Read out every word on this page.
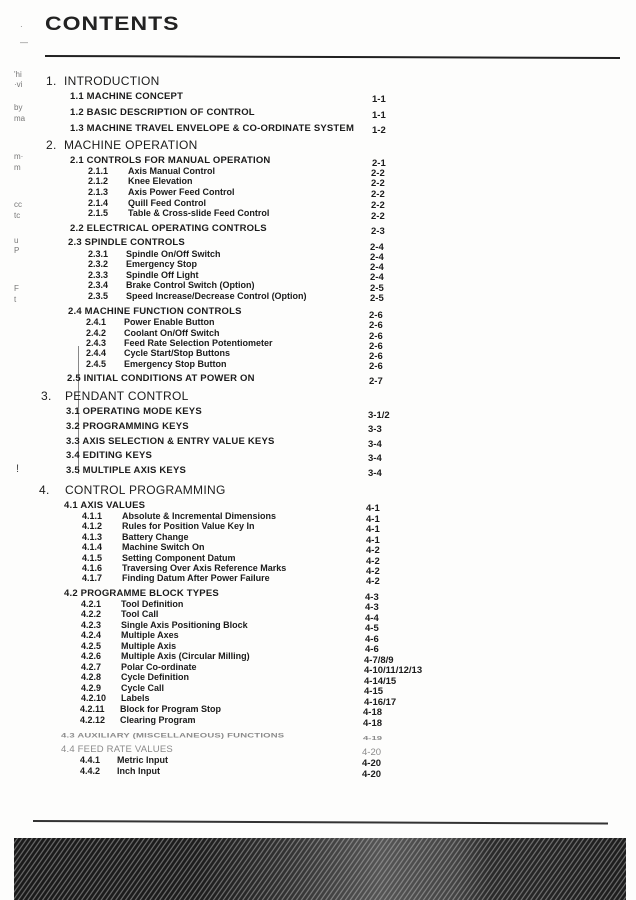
CONTENTS
·
—
'hi
·vi
by
ma
m·
m
cc
tc
u
P
F
t
!
1. INTRODUCTION
1.1 MACHINE CONCEPT	1-1
1.2 BASIC DESCRIPTION OF CONTROL	1-1
1.3 MACHINE TRAVEL ENVELOPE & CO-ORDINATE SYSTEM 1-2
2. MACHINE OPERATION
2.1 CONTROLS FOR MANUAL OPERATION	2-1
2.1.1 Axis Manual Control	2-2
2.1.2 Knee Elevation	2-2
2.1.3 Axis Power Feed Control	2-2
2.1.4 Quill Feed Control	2-2
2.1.5 Table & Cross-slide Feed Control	2-2
2.2 ELECTRICAL OPERATING CONTROLS	2-3
2.3 SPINDLE CONTROLS	2-4
2.3.1 Spindle On/Off Switch	2-4
2.3.2 Emergency Stop	2-4
2.3.3 Spindle Off Light	2-4
2.3.4 Brake Control Switch (Option)	2-5
2.3.5 Speed Increase/Decrease Control (Option)	2-5
2.4 MACHINE FUNCTION CONTROLS	2-6
2.4.1 Power Enable Button	2-6
2.4.2 Coolant On/Off Switch	2-6
2.4.3 Feed Rate Selection Potentiometer	2-6
2.4.4 Cycle Start/Stop Buttons	2-6
2.4.5 Emergency Stop Button	2-6
2.5 INITIAL CONDITIONS AT POWER ON	2-7
3. PENDANT CONTROL
3.1 OPERATING MODE KEYS	3-1/2
3.2 PROGRAMMING KEYS	3-3
3.3 AXIS SELECTION & ENTRY VALUE KEYS	3-4
3.4 EDITING KEYS	3-4
3.5 MULTIPLE AXIS KEYS	3-4
4. CONTROL PROGRAMMING
4.1 AXIS VALUES	4-1
4.1.1 Absolute & Incremental Dimensions	4-1
4.1.2 Rules for Position Value Key In	4-1
4.1.3 Battery Change	4-1
4.1.4 Machine Switch On	4-2
4.1.5 Setting Component Datum	4-2
4.1.6 Traversing Over Axis Reference Marks	4-2
4.1.7 Finding Datum After Power Failure	4-2
4.2 PROGRAMME BLOCK TYPES	4-3
4.2.1 Tool Definition	4-3
4.2.2 Tool Call	4-4
4.2.3 Single Axis Positioning Block	4-5
4.2.4 Multiple Axes	4-6
4.2.5 Multiple Axis	4-6
4.2.6 Multiple Axis (Circular Milling)	4-7/8/9
4.2.7 Polar Co-ordinate	4-10/11/12/13
4.2.8 Cycle Definition	4-14/15
4.2.9 Cycle Call	4-15
4.2.10 Labels	4-16/17
4.2.11 Block for Program Stop	4-18
4.2.12 Clearing Program	4-18
4.3 AUXILIARY (MISCELLANEOUS) FUNCTIONS	4-19
4.4 FEED RATE VALUES	4-20
4.4.1 Metric Input	4-20
4.4.2 Inch Input	4-20
